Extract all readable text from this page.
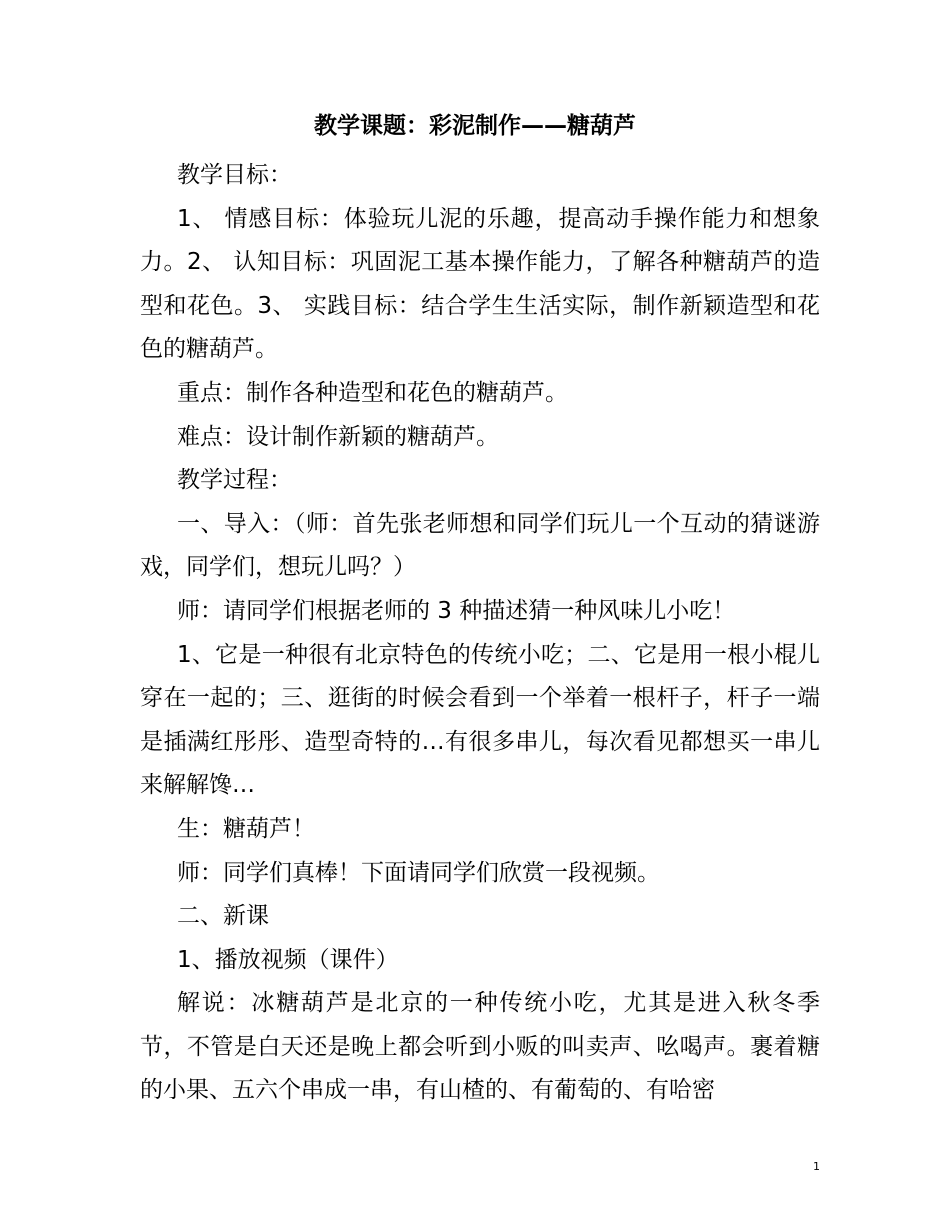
教学课题：彩泥制作——糖葫芦

教学目标：

1、 情感目标：体验玩儿泥的乐趣，提高动手操作能力和想象力。2、 认知目标：巩固泥工基本操作能力，了解各种糖葫芦的造型和花色。3、 实践目标：结合学生生活实际，制作新颖造型和花色的糖葫芦。

重点：制作各种造型和花色的糖葫芦。

难点：设计制作新颖的糖葫芦。

教学过程：

一、导入：（师：首先张老师想和同学们玩儿一个互动的猜谜游戏，同学们，想玩儿吗？）

师：请同学们根据老师的 3 种描述猜一种风味儿小吃！

1、它是一种很有北京特色的传统小吃；二、它是用一根小棍儿穿在一起的；三、逛街的时候会看到一个举着一根杆子，杆子一端是插满红彤彤、造型奇特的…有很多串儿，每次看见都想买一串儿来解解馋…

生：糖葫芦！

师：同学们真棒！下面请同学们欣赏一段视频。

二、新课

1、播放视频（课件）

解说：冰糖葫芦是北京的一种传统小吃，尤其是进入秋冬季节，不管是白天还是晚上都会听到小贩的叫卖声、吆喝声。裹着糖的小果、五六个串成一串，有山楂的、有葡萄的、有哈密

1
